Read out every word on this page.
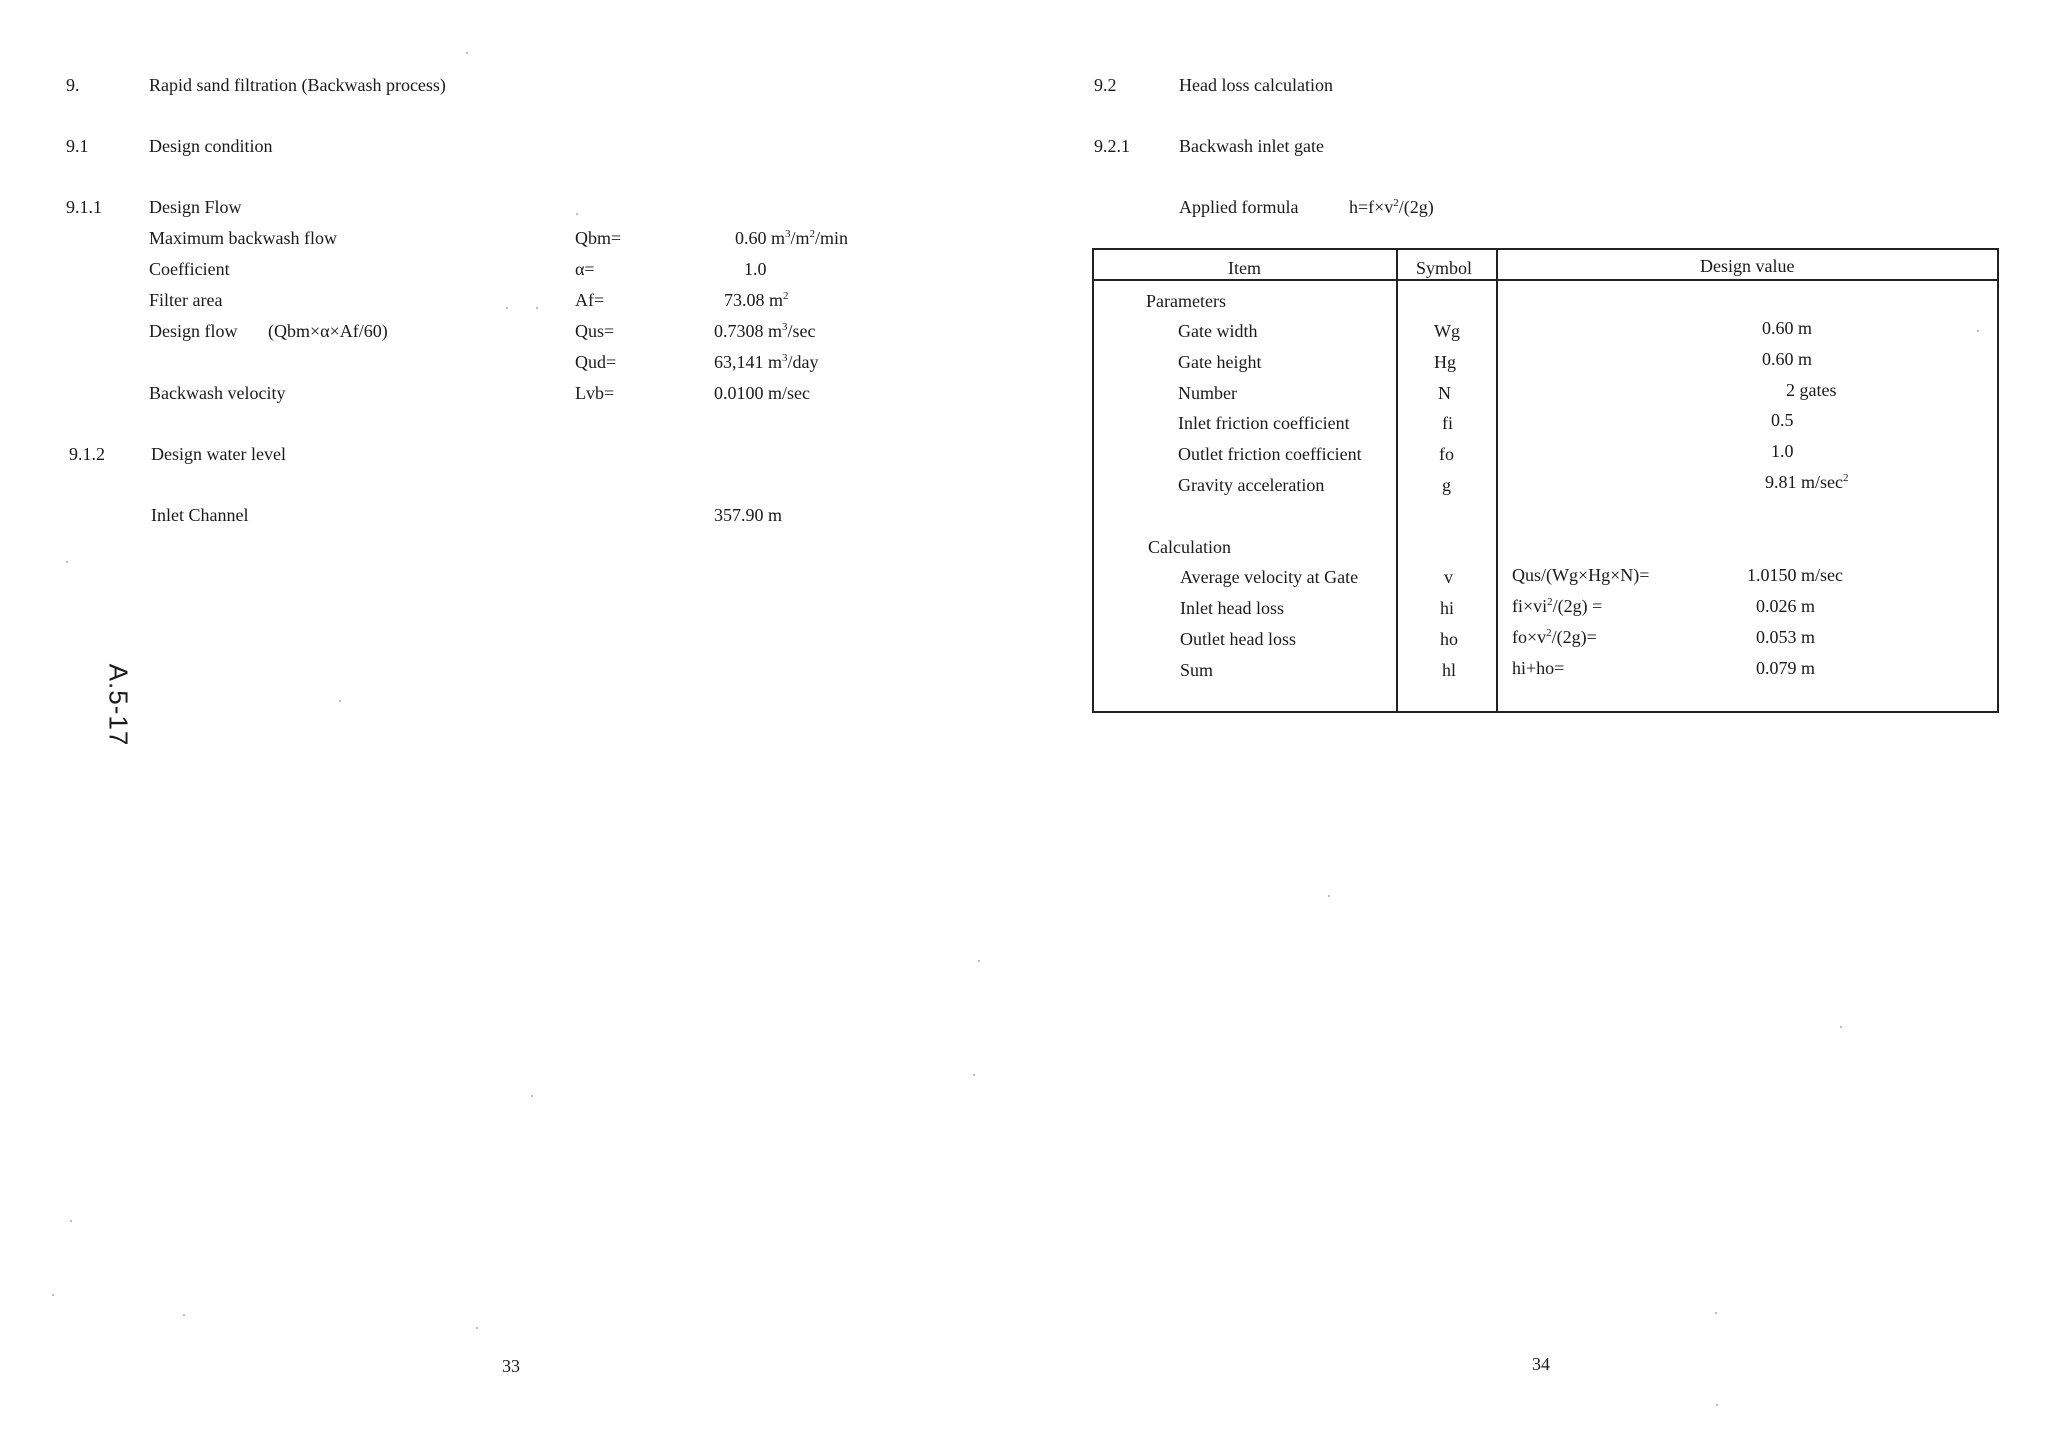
9.	Rapid sand filtration (Backwash process)
9.1	Design condition
9.1.1	Design Flow
Maximum backwash flow	Qbm=	0.60 $m^3/m^2/\min$
Coefficient	α=	1.0
Filter area	Af=	73.08 $m^2$
Design flow (Qbm×α×Af/60)	Qus=	0.7308 $m^3/\sec$
Qud=	63,141 $m^3$/day
Backwash velocity	Lvb=	0.0100 m/sec
9.1.2	Design water level
Inlet Channel	357.90 m
33
A.5-17
9.2	Head loss calculation
9.2.1	Backwash inlet gate
Applied formula	$h=f\times v^2/(2g)$
Item	Symbol	Design value
Parameters
Gate width	Wg	0.60 m
Gate height	Hg	0.60 m
Number	N	2 gates
Inlet friction coefficient	fi	0.5
Outlet friction coefficient	fo	1.0
Gravity acceleration	g	9.81 $m/\sec^2$
Calculation
Average velocity at Gate	v	Qus/(Wg×Hg×N)=	1.0150 m/sec
Inlet head loss	hi	$fi\times vi^2/(2g)$ =	0.026 m
Outlet head loss	ho	$fo\times v^2/(2g)=$	0.053 m
Sum	hl	hi+ho=	0.079 m
34
